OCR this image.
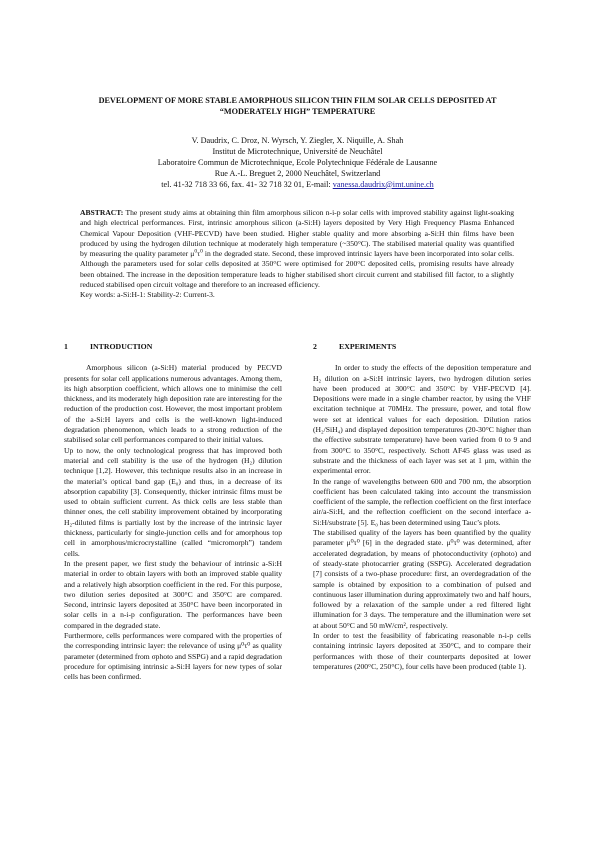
DEVELOPMENT OF MORE STABLE AMORPHOUS SILICON THIN FILM SOLAR CELLS DEPOSITED AT “MODERATELY HIGH” TEMPERATURE
V. Daudrix, C. Droz, N. Wyrsch, Y. Ziegler, X. Niquille, A. Shah
Institut de Microtechnique, Université de Neuchâtel
Laboratoire Commun de Microtechnique, Ecole Polytechnique Fédérale de Lausanne
Rue A.-L. Breguet 2, 2000 Neuchâtel, Switzerland
tel. 41-32 718 33 66, fax. 41- 32 718 32 01, E-mail: vanessa.daudrix@imt.unine.ch
ABSTRACT: The present study aims at obtaining thin film amorphous silicon n-i-p solar cells with improved stability against light-soaking and high electrical performances. First, intrinsic amorphous silicon (a-Si:H) layers deposited by Very High Frequency Plasma Enhanced Chemical Vapour Deposition (VHF-PECVD) have been studied. Higher stable quality and more absorbing a-Si:H thin films have been produced by using the hydrogen dilution technique at moderately high temperature (~350°C). The stabilised material quality was quantified by measuring the quality parameter $\mu^0\tau^0$ in the degraded state. Second, these improved intrinsic layers have been incorporated into solar cells. Although the parameters used for solar cells deposited at 350°C were optimised for 200°C deposited cells, promising results have already been obtained. The increase in the deposition temperature leads to higher stabilised short circuit current and stabilised fill factor, to a slightly reduced stabilised open circuit voltage and therefore to an increased efficiency.
Key words: a-Si:H-1: Stability-2: Current-3.
1	INTRODUCTION

Amorphous silicon (a-Si:H) material produced by PECVD presents for solar cell applications numerous advantages. Among them, its high absorption coefficient, which allows one to minimise the cell thickness, and its moderately high deposition rate are interesting for the reduction of the production cost. However, the most important problem of the a-Si:H layers and cells is the well-known light-induced degradation phenomenon, which leads to a strong reduction of the stabilised solar cell performances compared to their initial values.

Up to now, the only technological progress that has improved both material and cell stability is the use of the hydrogen (H₂) dilution technique [1,2]. However, this technique results also in an increase in the material’s optical band gap (E₀) and thus, in a decrease of its absorption capability [3]. Consequently, thicker intrinsic films must be used to obtain sufficient current. As thick cells are less stable than thinner ones, the cell stability improvement obtained by incorporating H₂-diluted films is partially lost by the increase of the intrinsic layer thickness, particularly for single-junction cells and for amorphous top cell in amorphous/microcrystalline (called “micromorph”) tandem cells.

In the present paper, we first study the behaviour of intrinsic a-Si:H material in order to obtain layers with both an improved stable quality and a relatively high absorption coefficient in the red. For this purpose, two dilution series deposited at 300°C and 350°C are compared. Second, intrinsic layers deposited at 350°C have been incorporated in solar cells in a n-i-p configuration. The performances have been compared in the degraded state.

Furthermore, cells performances were compared with the properties of the corresponding intrinsic layer: the relevance of using μ⁰τ⁰ as quality parameter (determined from σphoto and SSPG) and a rapid degradation procedure for optimising intrinsic a-Si:H layers for new types of solar cells has been confirmed.

2	EXPERIMENTS

In order to study the effects of the deposition temperature and H₂ dilution on a-Si:H intrinsic layers, two hydrogen dilution series have been produced at 300°C and 350°C by VHF-PECVD [4]. Depositions were made in a single chamber reactor, by using the VHF excitation technique at 70MHz. The pressure, power, and total flow were set at identical values for each deposition. Dilution ratios (H₂/SiH₄) and displayed deposition temperatures (20-30°C higher than the effective substrate temperature) have been varied from 0 to 9 and from 300°C to 350°C, respectively. Schott AF45 glass was used as substrate and the thickness of each layer was set at 1 μm, within the experimental error.

In the range of wavelengths between 600 and 700 nm, the absorption coefficient has been calculated taking into account the transmission coefficient of the sample, the reflection coefficient on the first interface air/a-Si:H, and the reflection coefficient on the second interface a-Si:H/substrate [5]. E₀ has been determined using Tauc’s plots.

The stabilised quality of the layers has been quantified by the quality parameter μ⁰τ⁰ [6] in the degraded state. μ⁰τ⁰ was determined, after accelerated degradation, by means of photoconductivity (σphoto) and of steady-state photocarrier grating (SSPG). Accelerated degradation [7] consists of a two-phase procedure: first, an overdegradation of the sample is obtained by exposition to a combination of pulsed and continuous laser illumination during approximately two and half hours, followed by a relaxation of the sample under a red filtered light illumination for 3 days. The temperature and the illumination were set at about 50°C and 50 mW/cm², respectively.

In order to test the feasibility of fabricating reasonable n-i-p cells containing intrinsic layers deposited at 350°C, and to compare their performances with those of their counterparts deposited at lower temperatures (200°C, 250°C), four cells have been produced (table 1).
